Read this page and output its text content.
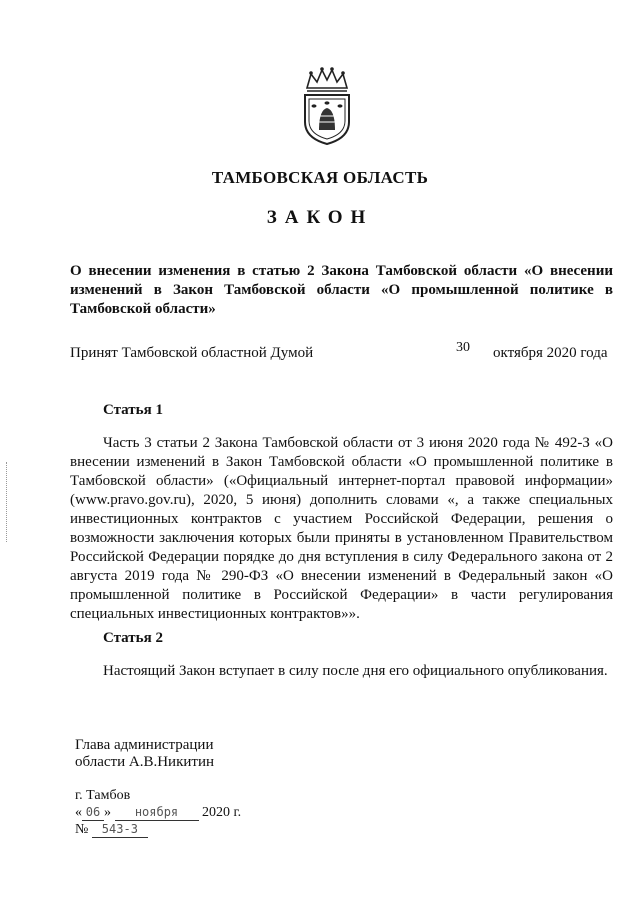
ТАМБОВСКАЯ ОБЛАСТЬ
ЗАКОН
О внесении изменения в статью 2 Закона Тамбовской области «О внесении изменений в Закон Тамбовской области «О промышленной политике в Тамбовской области»
Принят Тамбовской областной Думой	30 октября 2020 года
Статья 1
Часть 3 статьи 2 Закона Тамбовской области от 3 июня 2020 года № 492-З «О внесении изменений в Закон Тамбовской области «О промышленной политике в Тамбовской области» («Официальный интернет-портал правовой информации» (www.pravo.gov.ru), 2020, 5 июня) дополнить словами «, а также специальных инвестиционных контрактов с участием Российской Федерации, решения о возможности заключения которых были приняты в установленном Правительством Российской Федерации порядке до дня вступления в силу Федерального закона от 2 августа 2019 года № 290-ФЗ «О внесении изменений в Федеральный закон «О промышленной политике в Российской Федерации» в части регулирования специальных инвестиционных контрактов»».
Статья 2
Настоящий Закон вступает в силу после дня его официального опубликования.
Глава администрации
области А.В.Никитин
г. Тамбов
« 06 » ноября 2020 г.
№ 543-З
